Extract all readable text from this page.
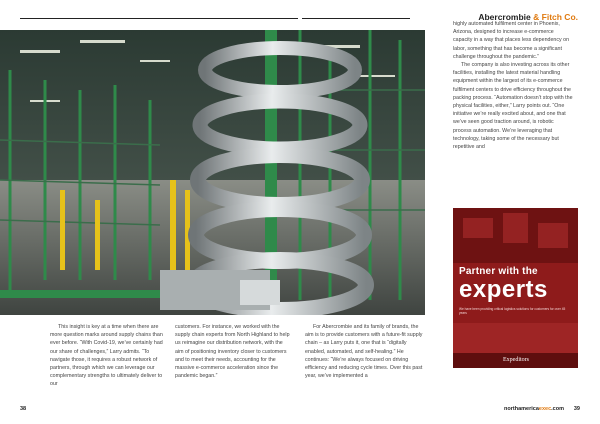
Abercrombie & Fitch Co.

This insight is key at a time when there are more question marks around supply chains than ever before. “With Covid-19, we’ve certainly had our share of challenges,” Larry admits. “To navigate those, it requires a robust network of partners, through which we can leverage our complementary strengths to ultimately deliver to our

customers. For instance, we worked with the supply chain experts from North Highland to help us reimagine our distribution network, with the aim of positioning inventory closer to customers and to meet their needs, accounting for the massive e-commerce acceleration since the pandemic began.”

For Abercrombie and its family of brands, the aim is to provide customers with a future-fit supply chain – as Larry puts it, one that is “digitally enabled, automated, and self-healing.” He continues: “We’re always focused on driving efficiency and reducing cycle times. Over this past year, we’ve implemented a

highly automated fulfilment center in Phoenix, Arizona, designed to increase e-commerce capacity in a way that places less dependency on labor, something that has become a significant challenge throughout the pandemic.”

The company is also investing across its other facilities, installing the latest material handling equipment within the largest of its e-commerce fulfilment centers to drive efficiency throughout the packing process. “Automation doesn’t stop with the physical facilities, either,” Larry points out. “One initiative we’re really excited about, and one that we’ve seen good traction around, is robotic process automation. We’re leveraging that technology, taking some of the necessary but repetitive and

Partner with the
experts
We have been providing critical logistics solutions for customers for over 45 years
Expeditors
38	northamericaexec.com 39
